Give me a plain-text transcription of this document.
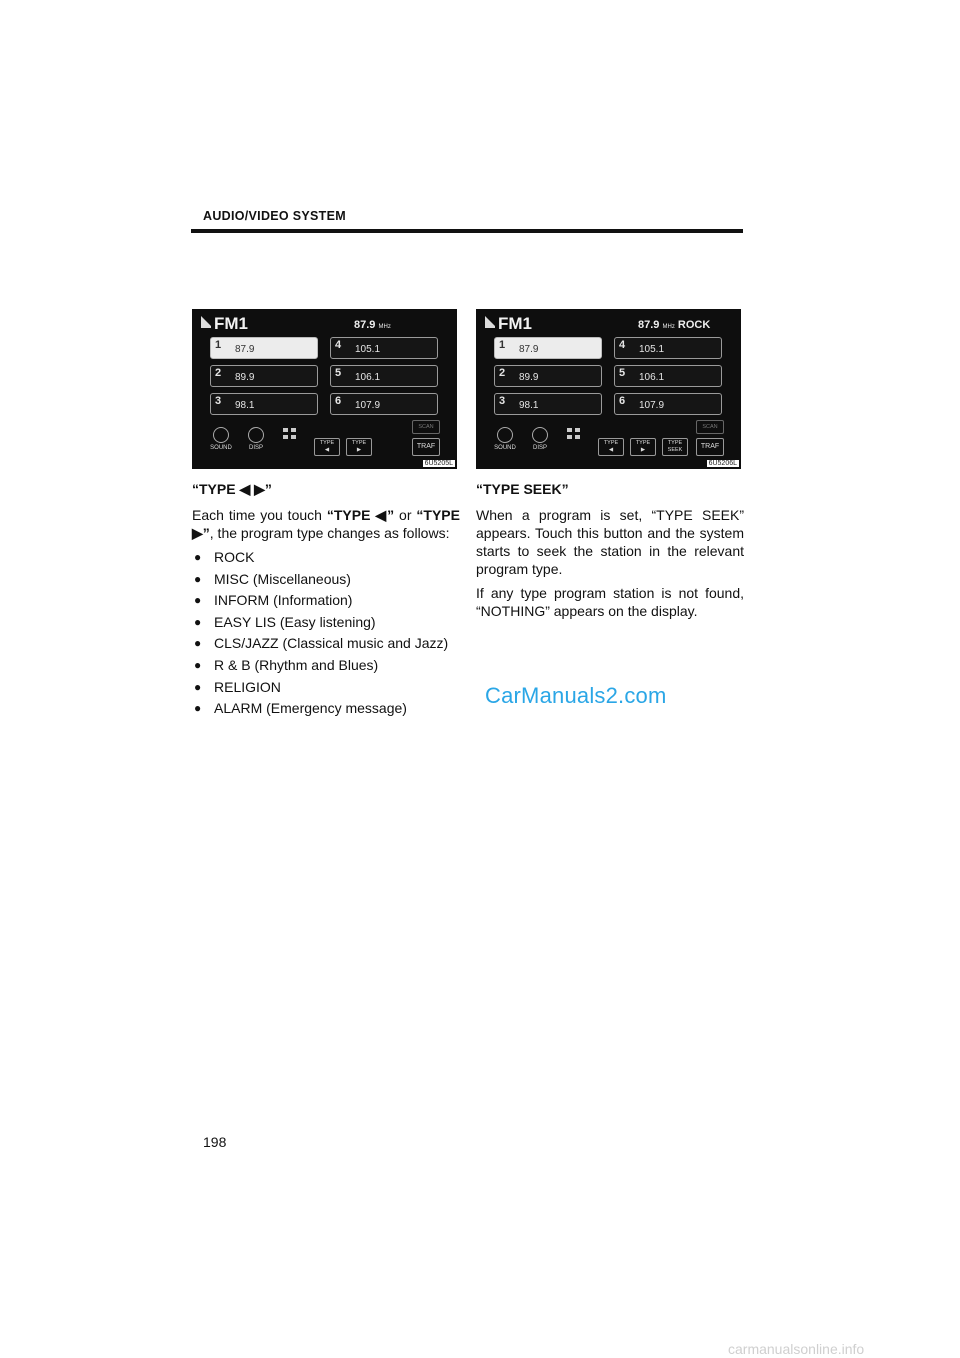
AUDIO/VIDEO SYSTEM
FM1	87.9 MHz
1 87.9
2 89.9
3 98.1
4 105.1
5 106.1
6 107.9
SOUND	DISP
TYPE
◀
TYPE
▶
SCAN
TRAF
6U5205L
FM1	87.9 MHz ROCK
1 87.9
2 89.9
3 98.1
4 105.1
5 106.1
6 107.9
SOUND	DISP
TYPE
◀
TYPE
▶
TYPE
SEEK
SCAN
TRAF
6U5206L
“TYPE ◀ ▶”

Each time you touch “TYPE ◀” or “TYPE ▶”, the program type changes as follows:

● ROCK
● MISC (Miscellaneous)
● INFORM (Information)
● EASY LIS (Easy listening)
● CLS/JAZZ (Classical music and Jazz)
● R & B (Rhythm and Blues)
● RELIGION
● ALARM (Emergency message)
“TYPE SEEK”

When a program is set, “TYPE SEEK” appears. Touch this button and the system starts to seek the station in the relevant program type.

If any type program station is not found, “NOTHING” appears on the display.

CarManuals2.com
198
carmanualsonline.info
